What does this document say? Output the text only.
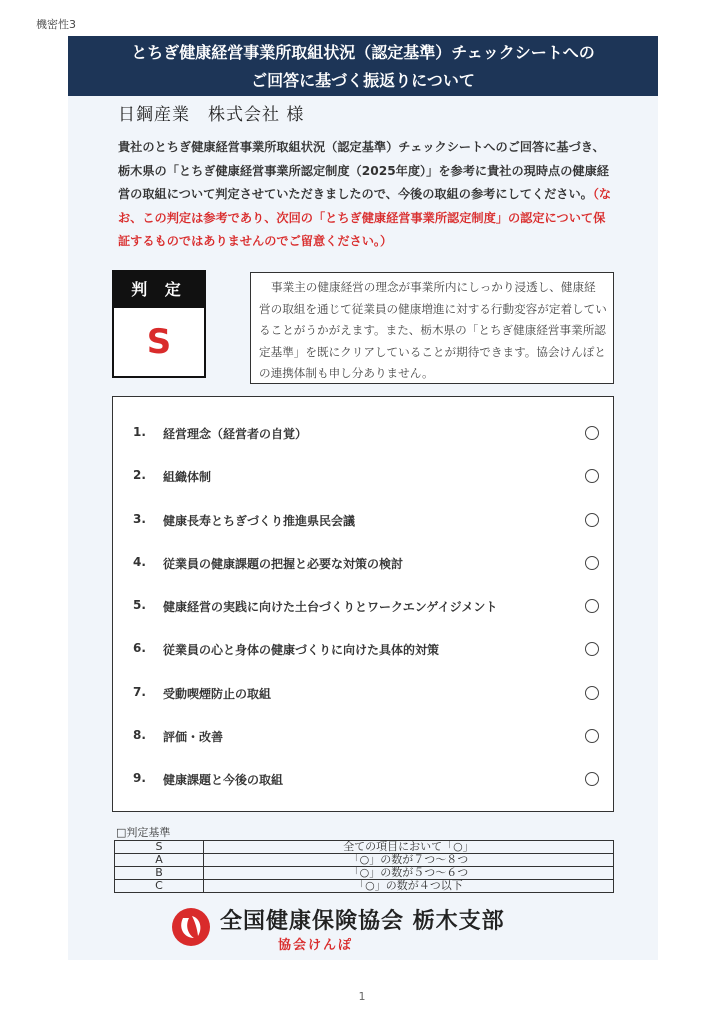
機密性3
とちぎ健康経営事業所取組状況（認定基準）チェックシートへの
ご回答に基づく振返りについて
日鋼産業　株式会社 様
貴社のとちぎ健康経営事業所取組状況（認定基準）チェックシートへのご回答に基づき、栃木県の「とちぎ健康経営事業所認定制度（2025年度）」を参考に貴社の現時点の健康経営の取組について判定させていただきましたので、今後の取組の参考にしてください。（なお、この判定は参考であり、次回の「とちぎ健康経営事業所認定制度」の認定について保証するものではありませんのでご留意ください。）
判 定
S
事業主の健康経営の理念が事業所内にしっかり浸透し、健康経営の取組を通じて従業員の健康増進に対する行動変容が定着していることがうかがえます。また、栃木県の「とちぎ健康経営事業所認定基準」を既にクリアしていることが期待できます。協会けんぽとの連携体制も申し分ありません。
1. 経営理念（経営者の自覚）
2. 組織体制
3. 健康長寿とちぎづくり推進県民会議
4. 従業員の健康課題の把握と必要な対策の検討
5. 健康経営の実践に向けた土台づくりとワークエンゲイジメント
6. 従業員の心と身体の健康づくりに向けた具体的対策
7. 受動喫煙防止の取組
8. 評価・改善
9. 健康課題と今後の取組
□判定基準
S	全ての項目において「○」
A	「○」の数が７つ～８つ
B	「○」の数が５つ～６つ
C	「○」の数が４つ以下
全国健康保険協会 栃木支部
協会けんぽ
1
